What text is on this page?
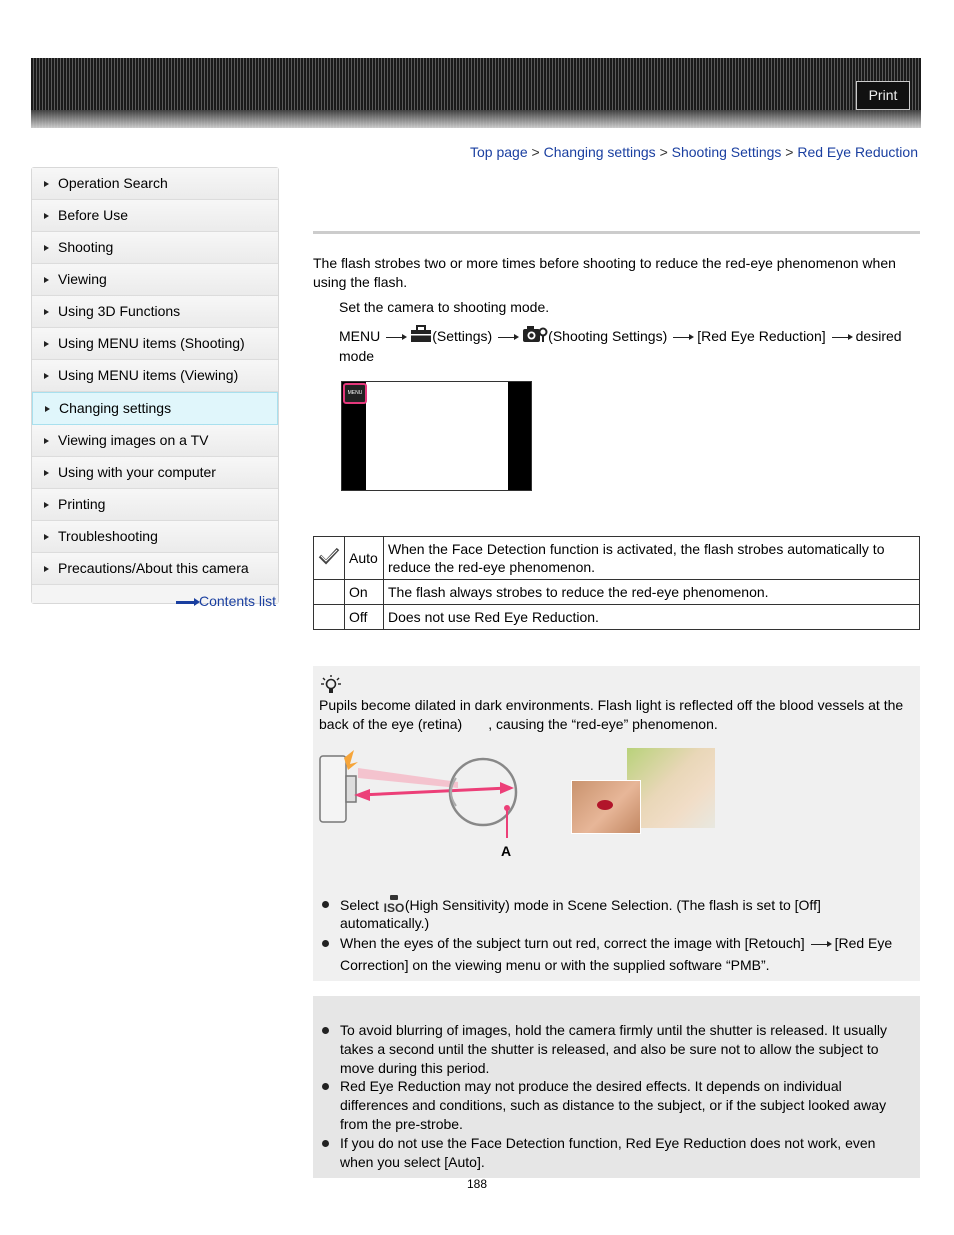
Print
Top page > Changing settings > Shooting Settings > Red Eye Reduction
Operation Search
Before Use
Shooting
Viewing
Using 3D Functions
Using MENU items (Shooting)
Using MENU items (Viewing)
Changing settings
Viewing images on a TV
Using with your computer
Printing
Troubleshooting
Precautions/About this camera
Contents list
The flash strobes two or more times before shooting to reduce the red-eye phenomenon when
using the flash.
Set the camera to shooting mode.
MENU	(Settings)	(Shooting Settings) [Red Eye Reduction] desired
mode
MENU
	Auto	When the Face Detection function is activated, the flash strobes automatically to
reduce the red-eye phenomenon.
	On	The flash always strobes to reduce the red-eye phenomenon.
	Off	Does not use Red Eye Reduction.
Pupils become dilated in dark environments. Flash light is reflected off the blood vessels at the
back of the eye (retina) , causing the “red-eye” phenomenon.
A
Select ISO (High Sensitivity) mode in Scene Selection. (The flash is set to [Off]
automatically.)
When the eyes of the subject turn out red, correct the image with [Retouch] [Red Eye
Correction] on the viewing menu or with the supplied software “PMB”.
To avoid blurring of images, hold the camera firmly until the shutter is released. It usually
takes a second until the shutter is released, and also be sure not to allow the subject to
move during this period.
Red Eye Reduction may not produce the desired effects. It depends on individual
differences and conditions, such as distance to the subject, or if the subject looked away
from the pre-strobe.
If you do not use the Face Detection function, Red Eye Reduction does not work, even
when you select [Auto].
188
